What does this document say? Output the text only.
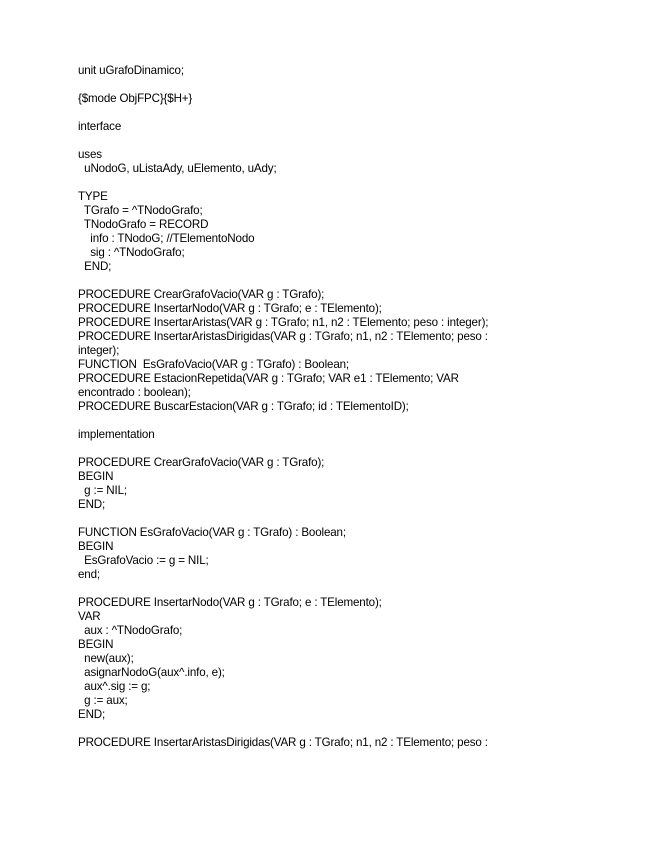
unit uGrafoDinamico;
{$mode ObjFPC}{$H+}
interface
uses
uNodoG, uListaAdy, uElemento, uAdy;
TYPE
TGrafo = ^TNodoGrafo;
TNodoGrafo = RECORD
info : TNodoG; //TElementoNodo
sig : ^TNodoGrafo;
END;
PROCEDURE CrearGrafoVacio(VAR g : TGrafo);
PROCEDURE InsertarNodo(VAR g : TGrafo; e : TElemento);
PROCEDURE InsertarAristas(VAR g : TGrafo; n1, n2 : TElemento; peso : integer);
PROCEDURE InsertarAristasDirigidas(VAR g : TGrafo; n1, n2 : TElemento; peso :
integer);
FUNCTION  EsGrafoVacio(VAR g : TGrafo) : Boolean;
PROCEDURE EstacionRepetida(VAR g : TGrafo; VAR e1 : TElemento; VAR
encontrado : boolean);
PROCEDURE BuscarEstacion(VAR g : TGrafo; id : TElementoID);
implementation
PROCEDURE CrearGrafoVacio(VAR g : TGrafo);
BEGIN
g := NIL;
END;
FUNCTION EsGrafoVacio(VAR g : TGrafo) : Boolean;
BEGIN
EsGrafoVacio := g = NIL;
end;
PROCEDURE InsertarNodo(VAR g : TGrafo; e : TElemento);
VAR
aux : ^TNodoGrafo;
BEGIN
new(aux);
asignarNodoG(aux^.info, e);
aux^.sig := g;
g := aux;
END;
PROCEDURE InsertarAristasDirigidas(VAR g : TGrafo; n1, n2 : TElemento; peso :
